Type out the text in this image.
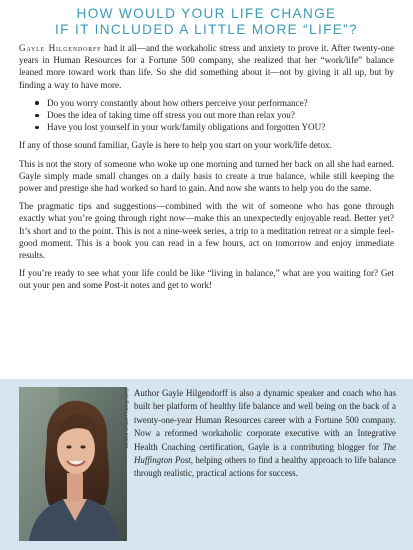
HOW WOULD YOUR LIFE CHANGE
IF IT INCLUDED A LITTLE MORE “LIFE”?

Gayle Hilgendorff had it all—and the workaholic stress and anxiety to prove it. After twenty-one years in Human Resources for a Fortune 500 company, she realized that her “work/life” balance leaned more toward work than life. So she did something about it—not by giving it all up, but by finding a way to have more.

Do you worry constantly about how others perceive your performance?
Does the idea of taking time off stress you out more than relax you?
Have you lost yourself in your work/family obligations and forgotten YOU?

If any of those sound familiar, Gayle is here to help you start on your work/life detox.

This is not the story of someone who woke up one morning and turned her back on all she had earned. Gayle simply made small changes on a daily basis to create a true balance, while still keeping the power and prestige she had worked so hard to gain. And now she wants to help you do the same.

The pragmatic tips and suggestions—combined with the wit of someone who has gone through exactly what you’re going through right now—make this an unexpectedly enjoyable read. Better yet? It’s short and to the point. This is not a nine-week series, a trip to a meditation retreat or a simple feel-good moment. This is a book you can read in a few hours, act on tomorrow and enjoy immediate results.

If you’re ready to see what your life could be like “living in balance,” what are you waiting for? Get out your pen and some Post-it notes and get to work!

Bellura Grace Photography Author Gayle Hilgendorff is also a dynamic speaker and coach who has built her platform of healthy life balance and well being on the back of a twenty-one-year Human Resources career with a Fortune 500 company. Now a reformed workaholic corporate executive with an Integrative Health Coaching certification, Gayle is a contributing blogger for The Huffington Post, helping others to find a healthy approach to life balance through realistic, practical actions for success.
